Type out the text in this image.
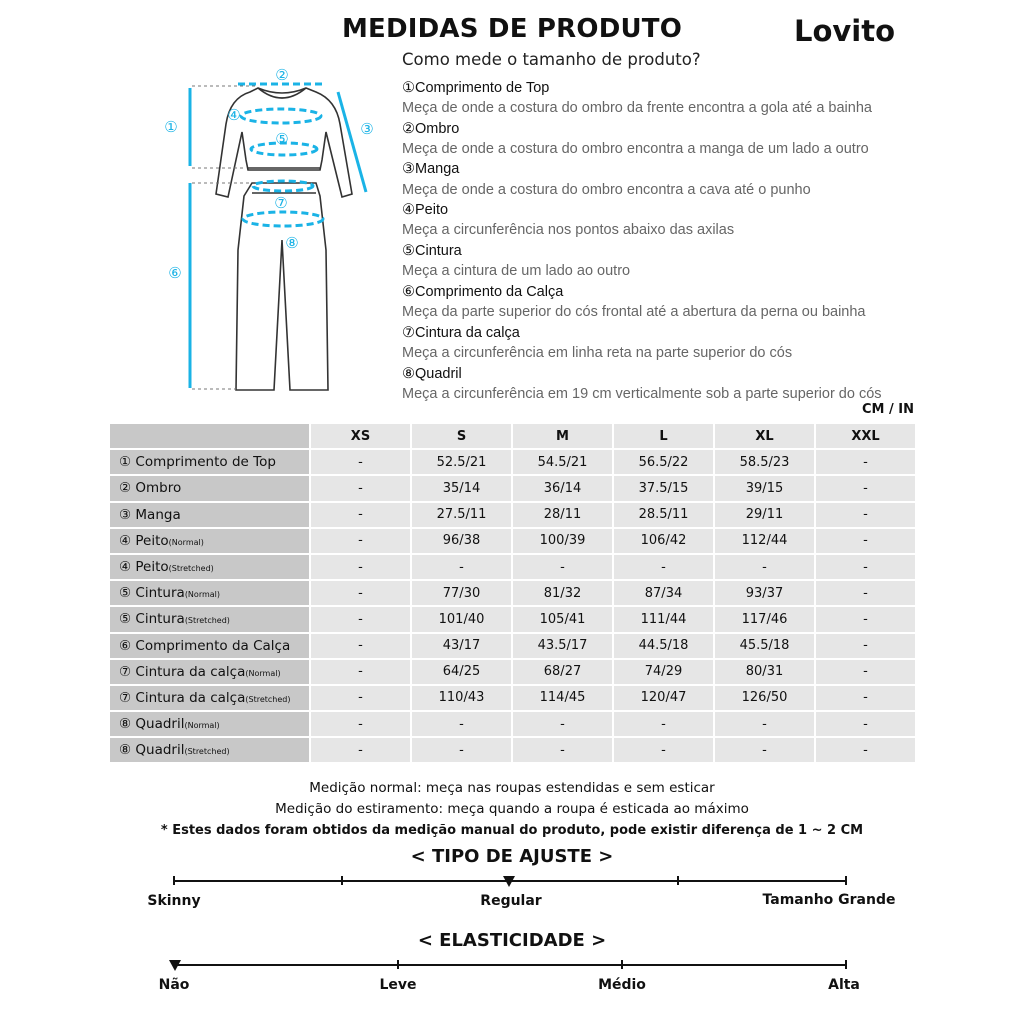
MEDIDAS DE PRODUTO	Lovito
Como mede o tamanho de produto?
①
②
③
④
⑤
⑥
⑦
⑧
①Comprimento de Top
Meça de onde a costura do ombro da frente encontra a gola até a bainha
②Ombro
Meça de onde a costura do ombro encontra a manga de um lado a outro
③Manga
Meça de onde a costura do ombro encontra a cava até o punho
④Peito
Meça a circunferência nos pontos abaixo das axilas
⑤Cintura
Meça a cintura de um lado ao outro
⑥Comprimento da Calça
Meça da parte superior do cós frontal até a abertura da perna ou bainha
⑦Cintura da calça
Meça a circunferência em linha reta na parte superior do cós
⑧Quadril
Meça a circunferência em 19 cm verticalmente sob a parte superior do cós
CM / IN
	XS	S	M	L	XL	XXL
① Comprimento de Top	-	52.5/21	54.5/21	56.5/22	58.5/23	-
② Ombro	-	35/14	36/14	37.5/15	39/15	-
③ Manga	-	27.5/11	28/11	28.5/11	29/11	-
④ Peito(Normal)	-	96/38	100/39	106/42	112/44	-
④ Peito(Stretched)	-	-	-	-	-	-
⑤ Cintura(Normal)	-	77/30	81/32	87/34	93/37	-
⑤ Cintura(Stretched)	-	101/40	105/41	111/44	117/46	-
⑥ Comprimento da Calça	-	43/17	43.5/17	44.5/18	45.5/18	-
⑦ Cintura da calça(Normal)	-	64/25	68/27	74/29	80/31	-
⑦ Cintura da calça(Stretched)	-	110/43	114/45	120/47	126/50	-
⑧ Quadril(Normal)	-	-	-	-	-	-
⑧ Quadril(Stretched)	-	-	-	-	-	-
Medição normal: meça nas roupas estendidas e sem esticar
Medição do estiramento: meça quando a roupa é esticada ao máximo
* Estes dados foram obtidos da medição manual do produto, pode existir diferença de 1 ~ 2 CM
< TIPO DE AJUSTE >
Skinny	Regular	Tamanho Grande
< ELASTICIDADE >
Não	Leve	Médio	Alta
